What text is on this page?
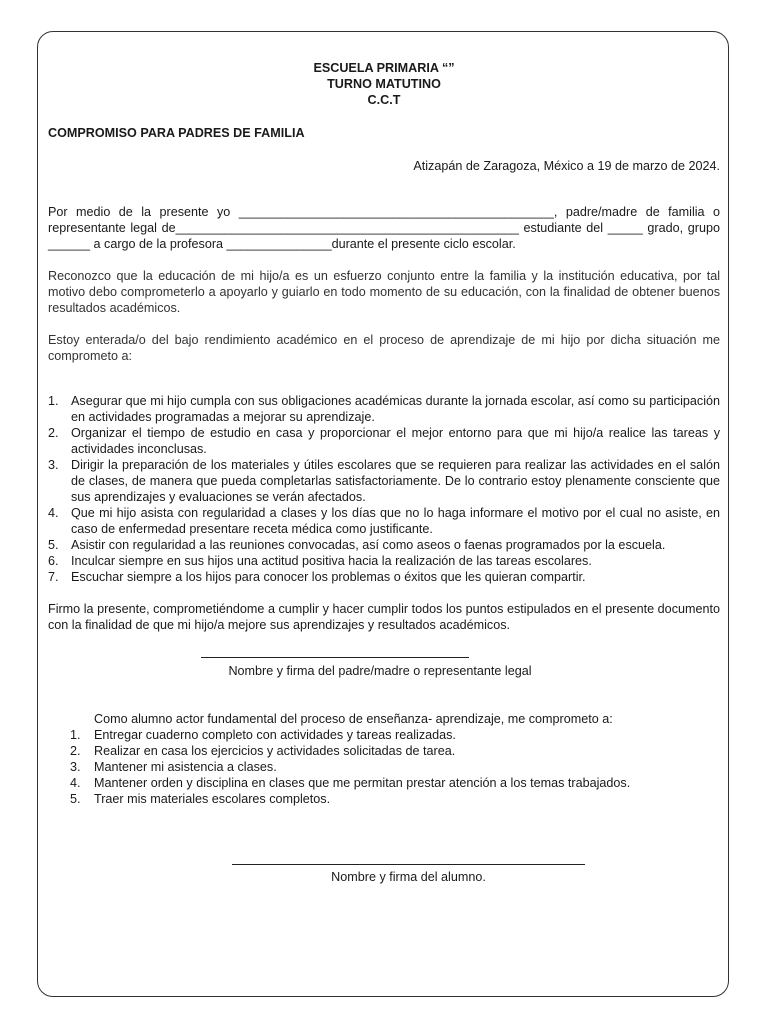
ESCUELA PRIMARIA “”
TURNO MATUTINO
C.C.T
COMPROMISO PARA PADRES DE FAMILIA
Atizapán de Zaragoza, México a 19 de marzo de 2024.
Por medio de la presente yo _____________________________________________, padre/madre de familia o representante legal de_________________________________________________ estudiante del _____ grado, grupo ______ a cargo de la profesora _______________durante el presente ciclo escolar.
Reconozco que la educación de mi hijo/a es un esfuerzo conjunto entre la familia y la institución educativa, por tal motivo debo comprometerlo a apoyarlo y guiarlo en todo momento de su educación, con la finalidad de obtener buenos resultados académicos.
Estoy enterada/o del bajo rendimiento académico en el proceso de aprendizaje de mi hijo por dicha situación me comprometo a:
1. Asegurar que mi hijo cumpla con sus obligaciones académicas durante la jornada escolar, así como su participación en actividades programadas a mejorar su aprendizaje.
2. Organizar el tiempo de estudio en casa y proporcionar el mejor entorno para que mi hijo/a realice las tareas y actividades inconclusas.
3. Dirigir la preparación de los materiales y útiles escolares que se requieren para realizar las actividades en el salón de clases, de manera que pueda completarlas satisfactoriamente. De lo contrario estoy plenamente consciente que sus aprendizajes y evaluaciones se verán afectados.
4. Que mi hijo asista con regularidad a clases y los días que no lo haga informare el motivo por el cual no asiste, en caso de enfermedad presentare receta médica como justificante.
5. Asistir con regularidad a las reuniones convocadas, así como aseos o faenas programados por la escuela.
6. Inculcar siempre en sus hijos una actitud positiva hacia la realización de las tareas escolares.
7. Escuchar siempre a los hijos para conocer los problemas o éxitos que les quieran compartir.
Firmo la presente, comprometiéndome a cumplir y hacer cumplir todos los puntos estipulados en el presente documento con la finalidad de que mi hijo/a mejore sus aprendizajes y resultados académicos.
Nombre y firma del padre/madre o representante legal
Como alumno actor fundamental del proceso de enseñanza- aprendizaje, me comprometo a:
1. Entregar cuaderno completo con actividades y tareas realizadas.
2. Realizar en casa los ejercicios y actividades solicitadas de tarea.
3. Mantener mi asistencia a clases.
4. Mantener orden y disciplina en clases que me permitan prestar atención a los temas trabajados.
5. Traer mis materiales escolares completos.
Nombre y firma del alumno.
